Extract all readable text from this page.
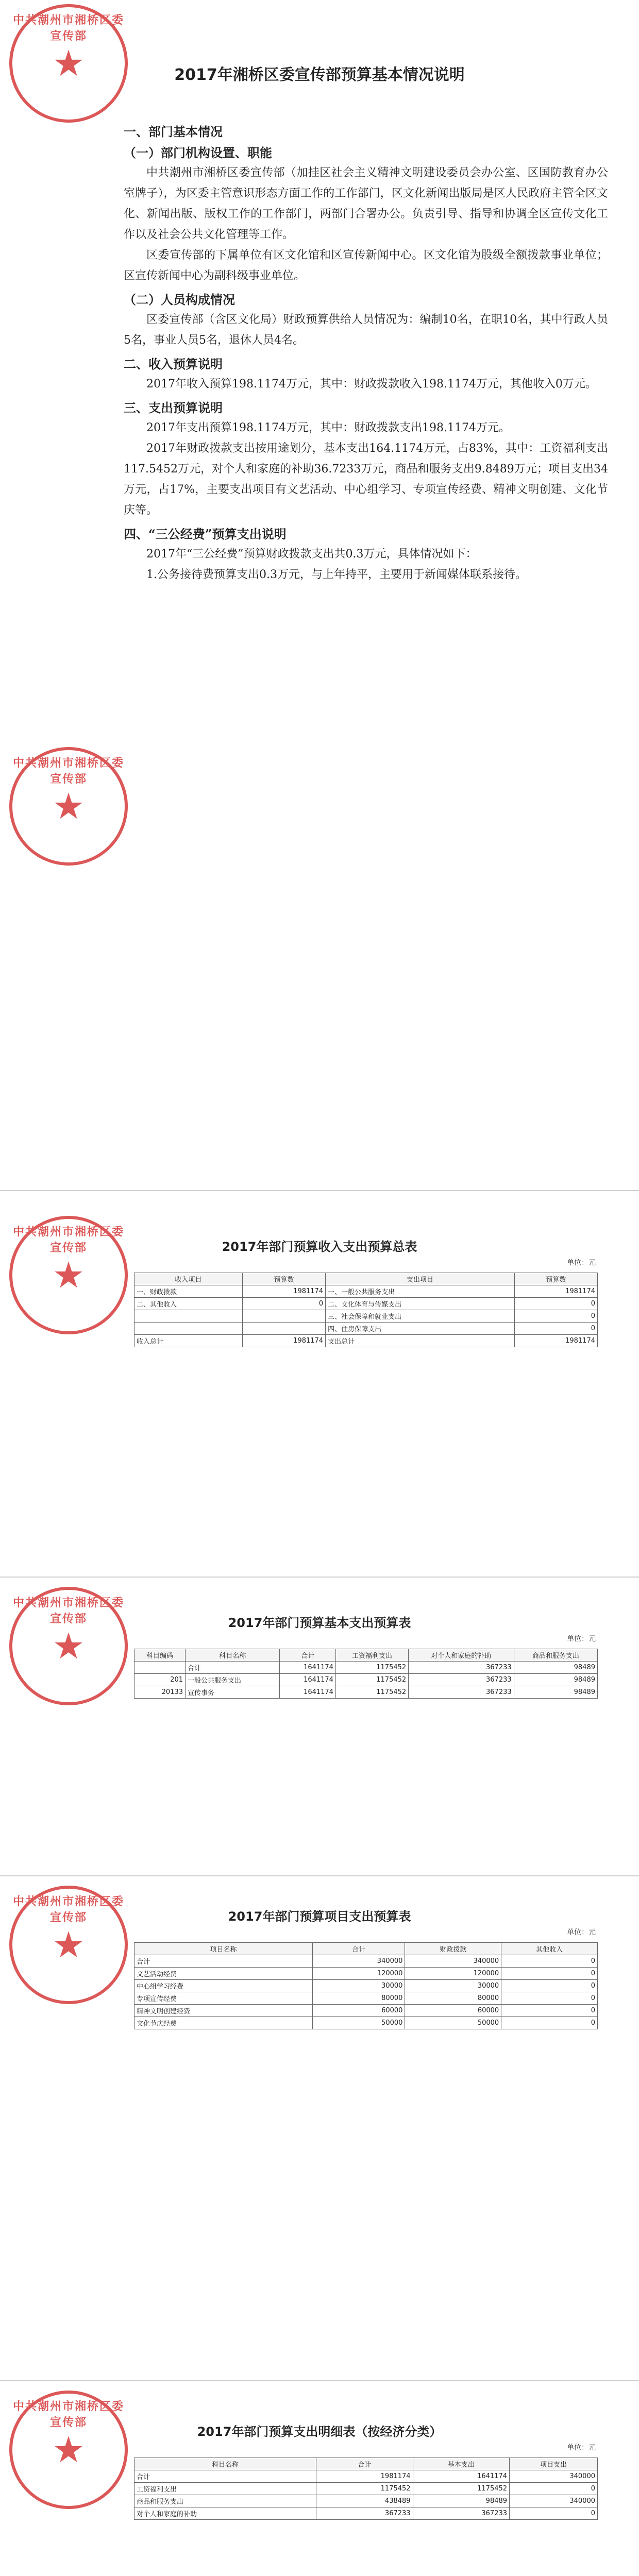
中共潮州市湘桥区委宣传部
★	2017年湘桥区委宣传部预算基本情况说明
一、部门基本情况
（一）部门机构设置、职能

中共潮州市湘桥区委宣传部（加挂区社会主义精神文明建设委员会办公室、区国防教育办公室牌子），为区委主管意识形态方面工作的工作部门，区文化新闻出版局是区人民政府主管全区文化、新闻出版、版权工作的工作部门，两部门合署办公。负责引导、指导和协调全区宣传文化工作以及社会公共文化管理等工作。

区委宣传部的下属单位有区文化馆和区宣传新闻中心。区文化馆为股级全额拨款事业单位；区宣传新闻中心为副科级事业单位。

（二）人员构成情况

区委宣传部（含区文化局）财政预算供给人员情况为：编制10名，在职10名，其中行政人员5名，事业人员5名，退休人员4名。

二、收入预算说明

2017年收入预算198.1174万元，其中：财政拨款收入198.1174万元，其他收入0万元。

三、支出预算说明

2017年支出预算198.1174万元，其中：财政拨款支出198.1174万元。

2017年财政拨款支出按用途划分，基本支出164.1174万元，占83%，其中：工资福利支出117.5452万元，对个人和家庭的补助36.7233万元，商品和服务支出9.8489万元；项目支出34万元，占17%，主要支出项目有文艺活动、中心组学习、专项宣传经费、精神文明创建、文化节庆等。

四、“三公经费”预算支出说明

2017年“三公经费”预算财政拨款支出共0.3万元，具体情况如下：

1.公务接待费预算支出0.3万元，与上年持平，主要用于新闻媒体联系接待。

中共潮州市湘桥区委宣传部
★
中共潮州市湘桥区委宣传部
★
2017年部门预算收入支出预算总表
单位：元
收入项目	预算数	支出项目	预算数
一、财政拨款	1981174	一、一般公共服务支出	1981174
二、其他收入	0	二、文化体育与传媒支出	0
		三、社会保障和就业支出	0
		四、住房保障支出	0
收入总计	1981174	支出总计	1981174
中共潮州市湘桥区委宣传部
★
2017年部门预算基本支出预算表
单位：元
科目编码	科目名称	合计	工资福利支出	对个人和家庭的补助	商品和服务支出
	合计	1641174	1175452	367233	98489
201	一般公共服务支出	1641174	1175452	367233	98489
20133	宣传事务	1641174	1175452	367233	98489
中共潮州市湘桥区委宣传部
★
2017年部门预算项目支出预算表
单位：元
项目名称	合计	财政拨款	其他收入
合计	340000	340000	0
文艺活动经费	120000	120000	0
中心组学习经费	30000	30000	0
专项宣传经费	80000	80000	0
精神文明创建经费	60000	60000	0
文化节庆经费	50000	50000	0
中共潮州市湘桥区委宣传部
★	2017年部门预算支出明细表（按经济分类）
单位：元
科目名称	合计	基本支出	项目支出
合计	1981174	1641174	340000
工资福利支出	1175452	1175452	0
商品和服务支出	438489	98489	340000
对个人和家庭的补助	367233	367233	0
